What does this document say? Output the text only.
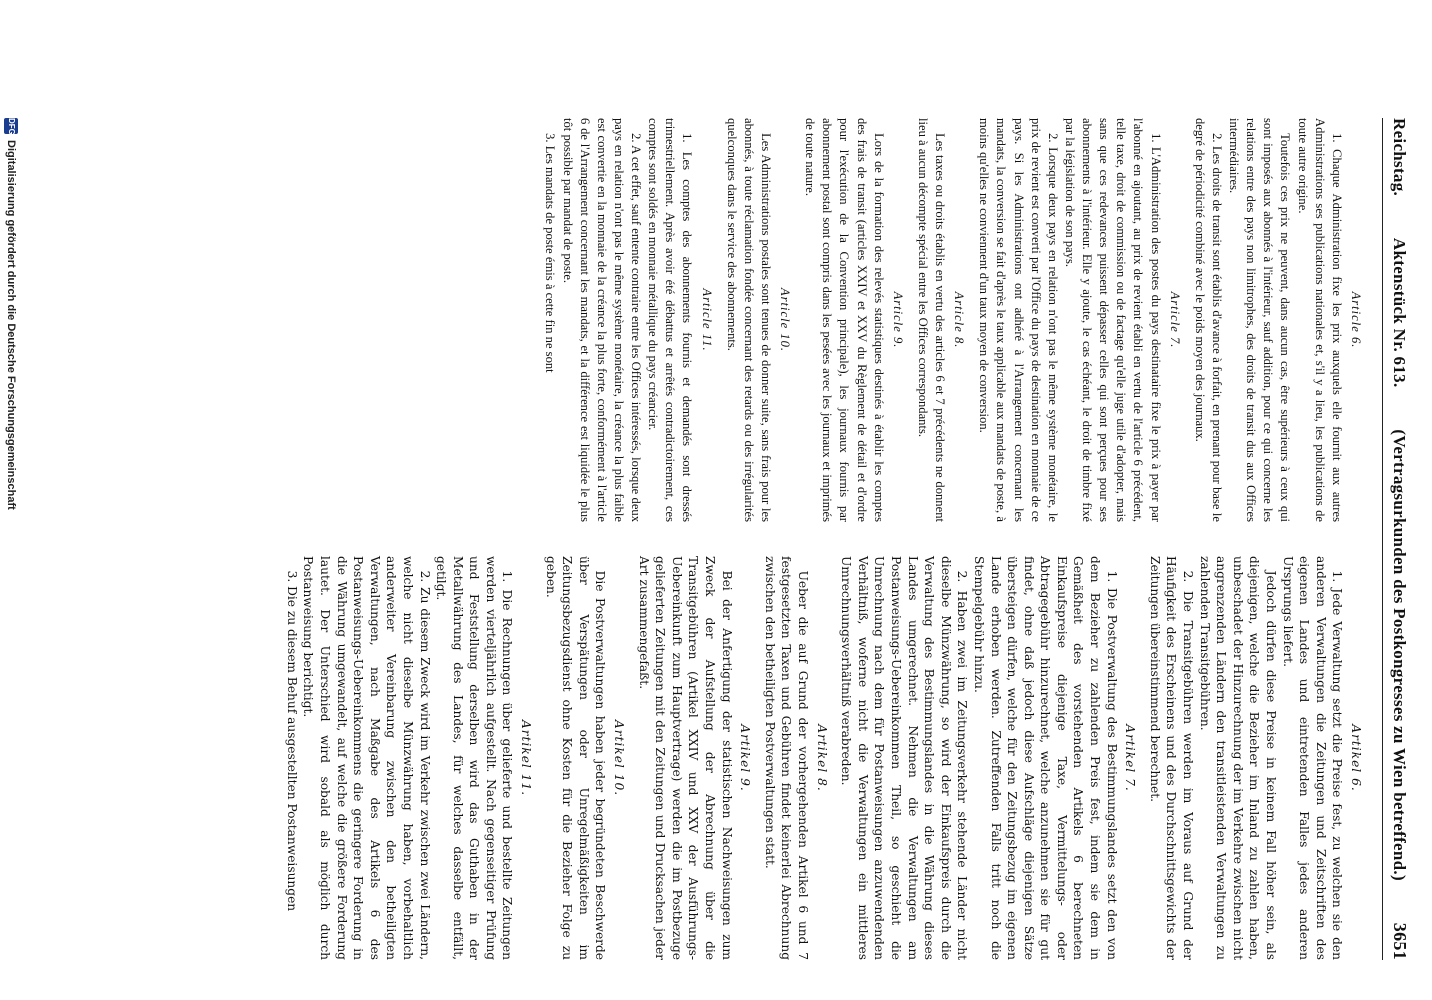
Reichstag.
Aktenstück Nr. 613.
(Vertragsurkunden des Postkongresses zu Wien betreffend.)
3651
Article 6.

1. Chaque Administration fixe les prix auxquels elle fournit aux autres Administrations ses publications nationales et, s'il y a lieu, les publications de toute autre origine.

Toutefois ces prix ne peuvent, dans aucun cas, être supérieurs à ceux qui sont imposés aux abonnés à l'intérieur, sauf addition, pour ce qui concerne les relations entre des pays non limitrophes, des droits de transit dus aux Offices intermédiaires.

2. Les droits de transit sont établis d'avance à forfait, en prenant pour base le degré de périodicité combiné avec le poids moyen des journaux.

Article 7.

1. L'Administration des postes du pays destinataire fixe le prix à payer par l'abonné en ajoutant, au prix de revient établi en vertu de l'article 6 précédent, telle taxe, droit de commission ou de factage qu'elle juge utile d'adopter, mais sans que ces redevances puissent dépasser celles qui sont perçues pour ses abonnements à l'intérieur. Elle y ajoute, le cas échéant, le droit de timbre fixé par la législation de son pays.

2. Lorsque deux pays en relation n'ont pas le même système monétaire, le prix de revient est converti par l'Office du pays de destination en monnaie de ce pays. Si les Administrations ont adhéré à l'Arrangement concernant les mandats, la conversion se fait d'après le taux applicable aux mandats de poste, à moins qu'elles ne conviennent d'un taux moyen de conversion.

Article 8.

Les taxes ou droits établis en vertu des articles 6 et 7 précédents ne donnent lieu à aucun décompte spécial entre les Offices correspondants.

Article 9.

Lors de la formation des relevés statistiques destinés à établir les comptes des frais de transit (articles XXIV et XXV du Règlement de détail et d'ordre pour l'exécution de la Convention principale), les journaux fournis par abonnement postal sont compris dans les pesées avec les journaux et imprimés de toute nature.

Article 10.

Les Administrations postales sont tenues de donner suite, sans frais pour les abonnés, à toute réclamation fondée concernant des retards ou des irrégularités quelconques dans le service des abonnements.

Article 11.

1. Les comptes des abonnements fournis et demandés sont dressés trimestriellement. Après avoir été débattus et arrêtés contradictoirement, ces comptes sont soldés en monnaie métallique du pays créancier.

2. A cet effet, sauf entente contraire entre les Offices intéressés, lorsque deux pays en relation n'ont pas le même système monétaire, la créance la plus faible est convertie en la monnaie de la créance la plus forte, conformément à l'article 6 de l'Arrangement concernant les mandats, et la différence est liquidée le plus tôt possible par mandat de poste.

3. Les mandats de poste émis à cette fin ne sont

Artikel 6.

1. Jede Verwaltung setzt die Preise fest, zu welchen sie den anderen Verwaltungen die Zeitungen und Zeitschriften des eigenen Landes und eintretenden Falles jedes anderen Ursprungs liefert.

Jedoch dürfen diese Preise in keinem Fall höher sein, als diejenigen, welche die Bezieher im Inland zu zahlen haben, unbeschadet der Hinzurechnung der im Verkehre zwischen nicht angrenzenden Ländern den transitleistenden Verwaltungen zu zahlenden Transitgebühren.

2. Die Transitgebühren werden im Voraus auf Grund der Häufigkeit des Erscheinens und des Durchschnittsgewichts der Zeitungen übereinstimmend berechnet.

Artikel 7.

1. Die Postverwaltung des Bestimmungslandes setzt den von dem Bezieher zu zahlenden Preis fest, indem sie dem in Gemäßheit des vorstehenden Artikels 6 berechneten Einkaufspreise diejenige Taxe, Vermittelungs- oder Abtragegebühr hinzurechnet, welche anzunehmen sie für gut findet, ohne daß jedoch diese Aufschläge diejenigen Sätze übersteigen dürfen, welche für den Zeitungsbezug im eigenen Lande erhoben werden. Zutreffenden Falls tritt noch die Stempelgebühr hinzu.

2. Haben zwei im Zeitungsverkehr stehende Länder nicht dieselbe Münzwährung, so wird der Einkaufspreis durch die Verwaltung des Bestimmungslandes in die Währung dieses Landes umgerechnet. Nehmen die Verwaltungen am Postanweisungs-Uebereinkommen Theil, so geschieht die Umrechnung nach dem für Postanweisungen anzuwendenden Verhältniß, woferne nicht die Verwaltungen ein mittleres Umrechnungsverhältniß verabreden.

Artikel 8.

Ueber die auf Grund der vorhergehenden Artikel 6 und 7 festgesetzten Taxen und Gebühren findet keinerlei Abrechnung zwischen den betheiligten Postverwaltungen statt.

Artikel 9.

Bei der Anfertigung der statistischen Nachweisungen zum Zweck der Aufstellung der Abrechnung über die Transitgebühren (Artikel XXIV und XXV der Ausführungs-Uebereinkunft zum Hauptvertrage) werden die im Postbezuge gelieferten Zeitungen mit den Zeitungen und Drucksachen jeder Art zusammengefaßt.

Artikel 10.

Die Postverwaltungen haben jeder begründeten Beschwerde über Verspätungen oder Unregelmäßigkeiten im Zeitungsbezugsdienst ohne Kosten für die Bezieher Folge zu geben.

Artikel 11.

1. Die Rechnungen über gelieferte und bestellte Zeitungen werden vierteljährlich aufgestellt. Nach gegenseitiger Prüfung und Feststellung derselben wird das Guthaben in der Metallwährung des Landes, für welches dasselbe entfällt, getilgt.

2. Zu diesem Zweck wird im Verkehr zwischen zwei Ländern, welche nicht dieselbe Münzwährung haben, vorbehaltlich anderweiter Vereinbarung zwischen den betheiligten Verwaltungen, nach Maßgabe des Artikels 6 des Postanweisungs-Uebereinkommens die geringere Forderung in die Währung umgewandelt, auf welche die größere Forderung lautet. Der Unterschied wird sobald als möglich durch Postanweisung berichtigt.

3. Die zu diesem Behuf ausgestellten Postanweisungen

DFG
Digitalisierung gefördert durch die Deutsche Forschungsgemeinschaft
